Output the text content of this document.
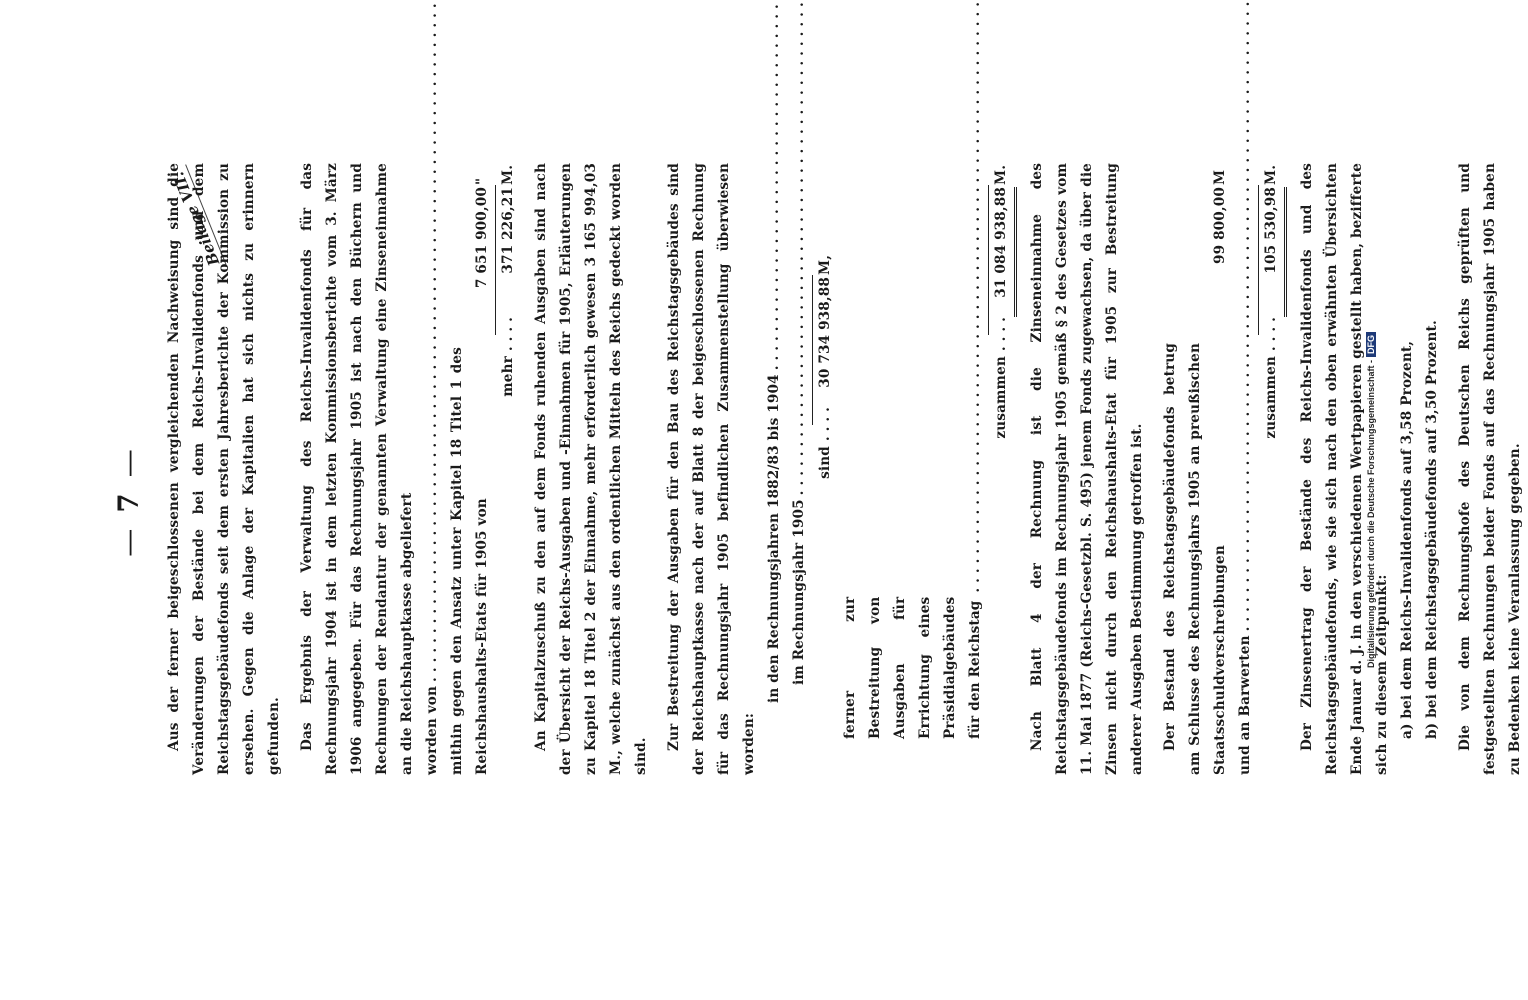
—7—
Beilage VII.

Aus der ferner beigeschlossenen vergleichenden Nachweisung sind die Veränderungen der Bestände bei dem Reichs-Invalidenfonds und dem Reichstagsgebäudefonds seit dem ersten Jahresberichte der Kommission zu ersehen. Gegen die Anlage der Kapitalien hat sich nichts zu erinnern gefunden.	Das Ergebnis der Verwaltung des Reichs-Invalidenfonds für das Rechnungsjahr 1904 ist in dem letzten Kommissionsberichte vom 3. März 1906 angegeben. Für das Rechnungsjahr 1905 ist nach den Büchern und Rechnungen der Rendantur der genannten Verwaltung eine Zinseneinnahme an die Reichshauptkasse abgeliefert worden von
. . . mithin gegen den Ansatz unter Kapitel 18 Titel 1 des Reichshaushalts-Etats für 1905 von
7 651 900,00
"
mehr
. . . .
371 226,21
M.	An Kapitalzuschuß zu den auf dem Fonds ruhenden Ausgaben sind nach der Übersicht der Reichs-Ausgaben und -Einnahmen für 1905, Erläuterungen zu Kapitel 18 Titel 2 der Einnahme, mehr erforderlich gewesen 3 165 994,03 M., welche zunächst aus den ordentlichen Mitteln des Reichs gedeckt worden sind.

Zur Bestreitung der Ausgaben für den Bau des Reichstagsgebäudes sind der Reichshauptkasse nach der auf Blatt 8 der beigeschlossenen Rechnung für das Rechnungsjahr 1905 befindlichen Zusammenstellung überwiesen worden:

in den Rechnungsjahren 1882/83 bis 1904
. . . im Rechnungsjahr 1905
. . .
sind
. . . .
30 734 938,88
M,
ferner zur Bestreitung von Ausgaben für Errichtung eines Präsidialgebäudes für den Reichstag
. . .
zusammen
. . . .
31 084 938,88
M.	Nach Blatt 4 der Rechnung ist die Zinseneinnahme des Reichstagsgebäudefonds im Rechnungsjahr 1905 gemäß § 2 des Gesetzes vom 11. Mai 1877 (Reichs-Gesetzbl. S. 495) jenem Fonds zugewachsen, da über die Zinsen nicht durch den Reichshaushalts-Etat für 1905 zur Bestreitung anderer Ausgaben Bestimmung getroffen ist.	Der Bestand des Reichstagsgebäudefonds betrug am Schlusse des Rechnungsjahrs 1905 an preußischen Staatsschuldverschreibungen

99 800,00
M
und an Barwerten
. . .
zusammen
. . . .
105 530,98
M.	Der Zinsenertrag der Bestände des Reichs-Invalidenfonds und des Reichstagsgebäudefonds, wie sie sich nach den oben erwähnten Übersichten Ende Januar d. J. in den verschiedenen Wertpapieren gestellt haben, bezifferte sich zu diesem Zeitpunkt: a) bei dem Reichs-Invalidenfonds auf 3,58 Prozent, b) bei dem Reichstagsgebäudefonds auf 3,50 Prozent.	Die von dem Rechnungshofe des Deutschen Reichs geprüften und festgestellten Rechnungen beider Fonds auf das Rechnungsjahr 1905 haben zu Bedenken keine Veranlassung gegeben.

Digitalisierung gefördert durch die Deutsche Forschungsgemeinschaft -DFG
